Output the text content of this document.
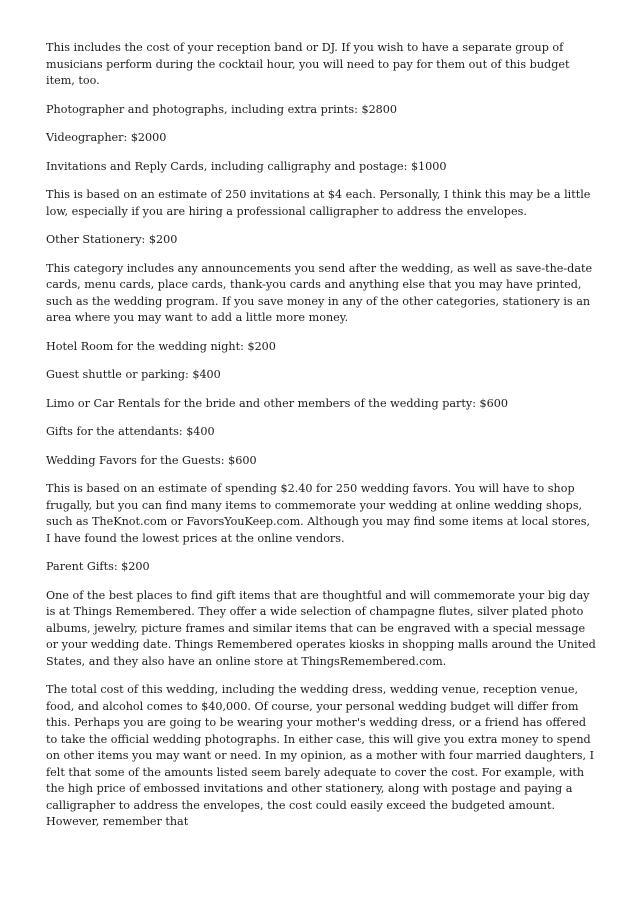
This includes the cost of your reception band or DJ. If you wish to have a separate group of musicians perform during the cocktail hour, you will need to pay for them out of this budget item, too.

Photographer and photographs, including extra prints: $2800

Videographer: $2000

Invitations and Reply Cards, including calligraphy and postage: $1000

This is based on an estimate of 250 invitations at $4 each. Personally, I think this may be a little low, especially if you are hiring a professional calligrapher to address the envelopes.

Other Stationery: $200

This category includes any announcements you send after the wedding, as well as save-the-date cards, menu cards, place cards, thank-you cards and anything else that you may have printed, such as the wedding program. If you save money in any of the other categories, stationery is an area where you may want to add a little more money.

Hotel Room for the wedding night: $200

Guest shuttle or parking: $400

Limo or Car Rentals for the bride and other members of the wedding party: $600

Gifts for the attendants: $400

Wedding Favors for the Guests: $600

This is based on an estimate of spending $2.40 for 250 wedding favors. You will have to shop frugally, but you can find many items to commemorate your wedding at online wedding shops, such as TheKnot.com or FavorsYouKeep.com. Although you may find some items at local stores, I have found the lowest prices at the online vendors.

Parent Gifts: $200

One of the best places to find gift items that are thoughtful and will commemorate your big day is at Things Remembered. They offer a wide selection of champagne flutes, silver plated photo albums, jewelry, picture frames and similar items that can be engraved with a special message or your wedding date. Things Remembered operates kiosks in shopping malls around the United States, and they also have an online store at ThingsRemembered.com.

The total cost of this wedding, including the wedding dress, wedding venue, reception venue, food, and alcohol comes to $40,000. Of course, your personal wedding budget will differ from this. Perhaps you are going to be wearing your mother's wedding dress, or a friend has offered to take the official wedding photographs. In either case, this will give you extra money to spend on other items you may want or need. In my opinion, as a mother with four married daughters, I felt that some of the amounts listed seem barely adequate to cover the cost. For example, with the high price of embossed invitations and other stationery, along with postage and paying a calligrapher to address the envelopes, the cost could easily exceed the budgeted amount. However, remember that
